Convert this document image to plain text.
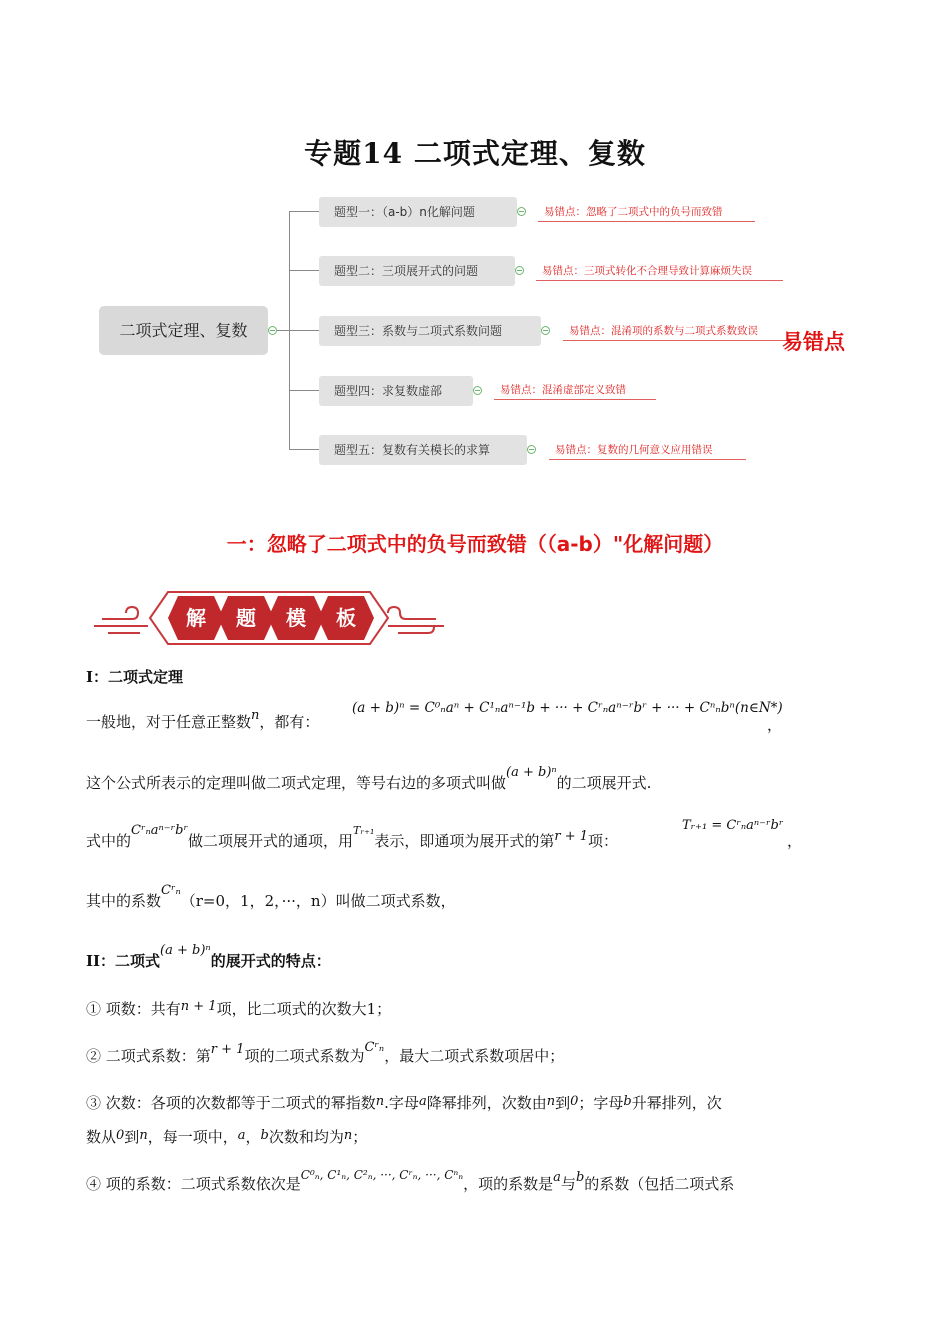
专题14 二项式定理、复数
二项式定理、复数
题型一：（a-b）n化解问题	易错点：忽略了二项式中的负号而致错
题型二：三项展开式的问题	易错点：三项式转化不合理导致计算麻烦失误
题型三：系数与二项式系数问题	易错点：混淆项的系数与二项式系数致误
题型四：求复数虚部	易错点：混淆虚部定义致错
题型五：复数有关模长的求算	易错点：复数的几何意义应用错误
易错点
一：忽略了二项式中的负号而致错（（a-b）"化解问题）
解 题 模 板
I：二项式定理
一般地，对于任意正整数n，都有：
(a + b)ⁿ = C⁰ₙaⁿ + C¹ₙaⁿ⁻¹b + ··· + Cʳₙaⁿ⁻ʳbʳ + ··· + Cⁿₙbⁿ(n∈N*)
，
这个公式所表示的定理叫做二项式定理，等号右边的多项式叫做(a + b)ⁿ的二项展开式.
式中的Cʳₙaⁿ⁻ʳbʳ做二项展开式的通项，用$^{Tᵣ_{+1}}$表示，即通项为展开式的第r + 1项：
Tᵣ₊₁ = Cʳₙaⁿ⁻ʳbʳ
，
其中的系数Cʳₙ（r=0，1，2，···，n）叫做二项式系数，
II：二项式(a + b)ⁿ的展开式的特点：
① 项数：共有n + 1项，比二项式的次数大1；
② 二项式系数：第r + 1项的二项式系数为Cʳₙ，最大二项式系数项居中；
③ 次数：各项的次数都等于二项式的幂指数n.字母a降幂排列，次数由n到0；字母b升幂排列，次
数从0到n，每一项中，a，b次数和均为n；
④ 项的系数：二项式系数依次是$^{C^0_n, C^1_n, C^2_n, \cdot\cdot\cdot, Cʳ_n, \cdot\cdot\cdot, C^n_n}$，项的系数是a与b的系数（包括二项式系
